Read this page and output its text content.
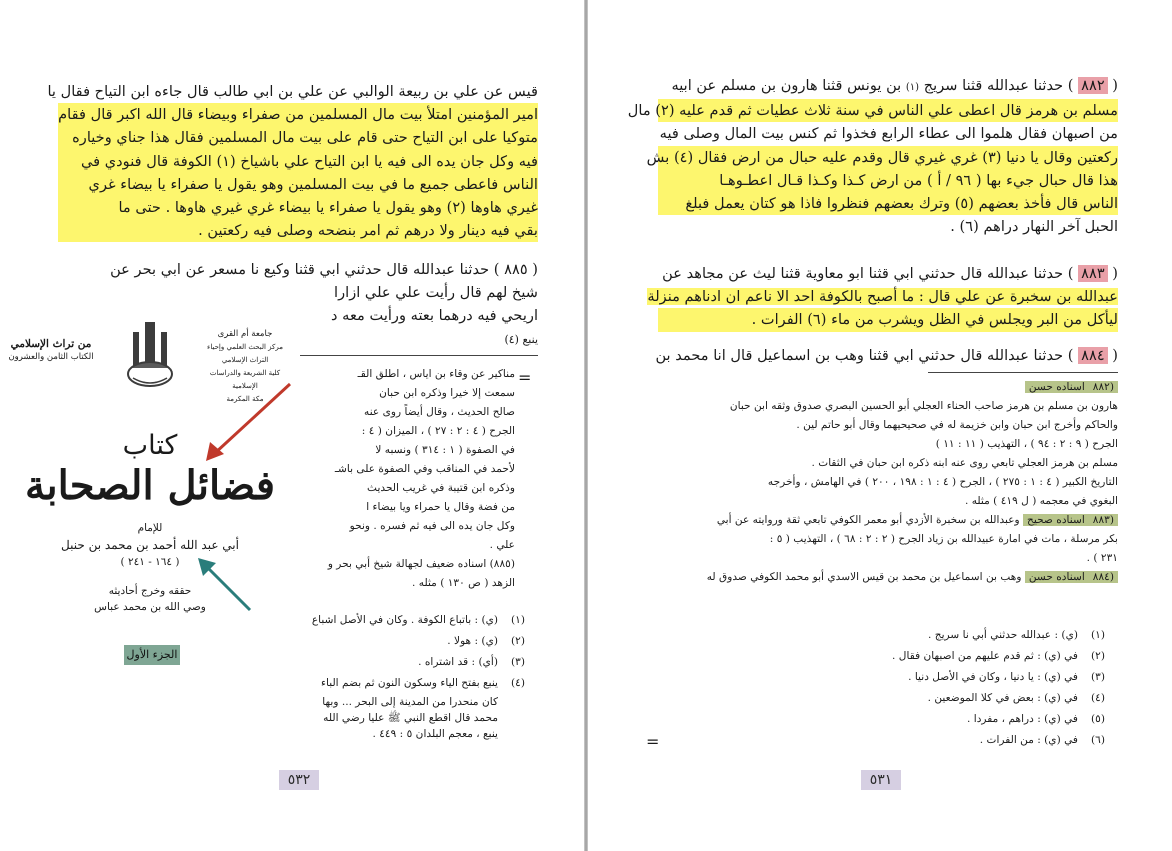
قيس عن علي بن ربيعة الوالبي عن علي بن ابي طالب قال جاءه ابن التياح فقال يا
امير المؤمنين امتلأ بيت مال المسلمين من صفراء وبيضاء قال الله اكبر قال فقام
متوكيا على ابن التياح حتى قام على بيت مال المسلمين فقال هذا جناي وخياره
فيه وكل جان يده الى فيه يا ابن التياح علي باشياخ (١) الكوفة قال فنودي في
الناس فاعطى جميع ما في بيت المسلمين وهو يقول يا صفراء يا بيضاء غري
غيري هاوها (٢) وهو يقول يا صفراء يا بيضاء غري غيري هاوها . حتى ما
بقي فيه دينار ولا درهم ثم امر بنضحه وصلى فيه ركعتين .
( ٨٨٥ ) حدثنا عبدالله قال حدثني ابي قثنا وكيع نا مسعر عن ابي بحر عن
شيخ لهم قال رأيت علي علي ازارا
اريحي فيه درهما بعته ورأيت معه د
ينبع (٤)
مناكير عن وقاء بن اياس ، اطلق القـ
سمعت إلا خيرا وذكره ابن حبان
صالح الحديث ، وقال أيضاً روى عنه
الجرح ( ٤ : ٢ : ٢٧ ) ، الميزان ( ٤ :
في الصفوة ( ١ : ٣١٤ ) ونسبه لا
لأحمد في المناقب وفي الصفوة على باشـ
وذكره ابن قتيبة في غريب الحديث
من فضة وقال يا حمراء ويا بيضاء ا
وكل جان يده الى فيه ثم فسره . ونحو
علي .
(٨٨٥) اسناده ضعيف لجهالة شيخ أبي بحر و
الزهد ( ص ١٣٠ ) مثله .
=
(١)
(ي) : باتباع الكوفة . وكان في الأصل اشباع
(٢)
(ي) : هولا .
(٣)
(أي) : قد اشتراه .
(٤)
ينبع بفتح الياء وسكون النون ثم بضم الباء
كان منحدرا من المدينة إلى البحر ... وبها
محمد قال اقطع النبي ﷺ عليا رضي الله
ينبع ، معجم البلدان ٥ : ٤٤٩ .
جامعة أم القرى
مركز البحث العلمي وإحياء التراث الإسلامي
كلية الشريعة والدراسات الإسلامية
مكة المكرمة
من تراث الإسلامي
الكتاب الثامن والعشرون
كتاب
فضائل الصحابة
للإمام
أبي عبد الله أحمد بن محمد بن حنبل
( ١٦٤ - ٢٤١ )
حققه وخرج أحاديثه
وصي الله بن محمد عباس
الجزء الأول
٥٣٢
( ٨٨٢ ) حدثنا عبدالله قثنا سريج (١) بن يونس قثنا هارون بن مسلم عن ابيه
مسلم بن هرمز قال اعطى علي الناس في سنة ثلاث عطيات ثم قدم عليه (٢) مال
من اصبهان فقال هلموا الى عطاء الرابع فخذوا ثم كنس بيت المال وصلى فيه
ركعتين وقال يا دنيا (٣) غري غيري قال وقدم عليه حبال من ارض فقال (٤) بش
هذا قال حبال جيء بها ( ٩٦ / أ ) من ارض كـذا وكـذا قـال اعطـوهـا
الناس قال فأخذ بعضهم (٥) وترك بعضهم فنظروا فاذا هو كتان يعمل فبلغ
الحبل آخر النهار دراهم (٦) .
( ٨٨٣ ) حدثنا عبدالله قال حدثني ابي قثنا ابو معاوية قثنا ليث عن مجاهد عن
عبدالله بن سخبرة عن علي قال : ما أصبح بالكوفة احد الا ناعم ان ادناهم منزلة
ليأكل من البر ويجلس في الظل ويشرب من ماء (٦) الفرات .
( ٨٨٤ ) حدثنا عبدالله قال حدثني ابي قثنا وهب بن اسماعيل قال انا محمد بن
(٨٨٢اسناده حسن
هارون بن مسلم بن هرمز صاحب الحناء العجلي أبو الحسين البصري صدوق وثقه ابن حبان
والحاكم وأخرج ابن حبان وابن خزيمة له في صحيحيهما وقال أبو حاتم لين .
الجرح ( ٩ : ٢ : ٩٤ ) ، التهذيب ( ١١ : ١١ )
مسلم بن هرمز العجلي تابعي روى عنه ابنه ذكره ابن حبان في الثقات .
التاريخ الكبير ( ٤ : ١ : ٢٧٥ ) ، الجرح ( ٤ : ١ : ١٩٨ ، ٢٠٠ ) في الهامش ، وأخرجه
البغوي في معجمه ( ل ٤١٩ ) مثله .
(٨٨٣اسناده صحيح وعبدالله بن سخبرة الأزدي أبو معمر الكوفي تابعي ثقة وروايته عن أبي
بكر مرسلة ، مات في امارة عبيدالله بن زياد الجرح ( ٢ : ٢ : ٦٨ ) ، التهذيب ( ٥ :
٢٣١ ) .
(٨٨٤اسناده حسن وهب بن اسماعيل بن محمد بن قيس الاسدي أبو محمد الكوفي صدوق له
(١)
(ي) : عبدالله حدثني أبي نا سريج .
(٢)
في (ي) : ثم قدم عليهم من اصبهان فقال .
(٣)
في (ي) : يا دنيا ، وكان في الأصل دنيا .
(٤)
في (ي) : بعض في كلا الموضعين .
(٥)
في (ي) : دراهم ، مفردا .
(٦)
في (ي) : من الفرات .
=
٥٣١
